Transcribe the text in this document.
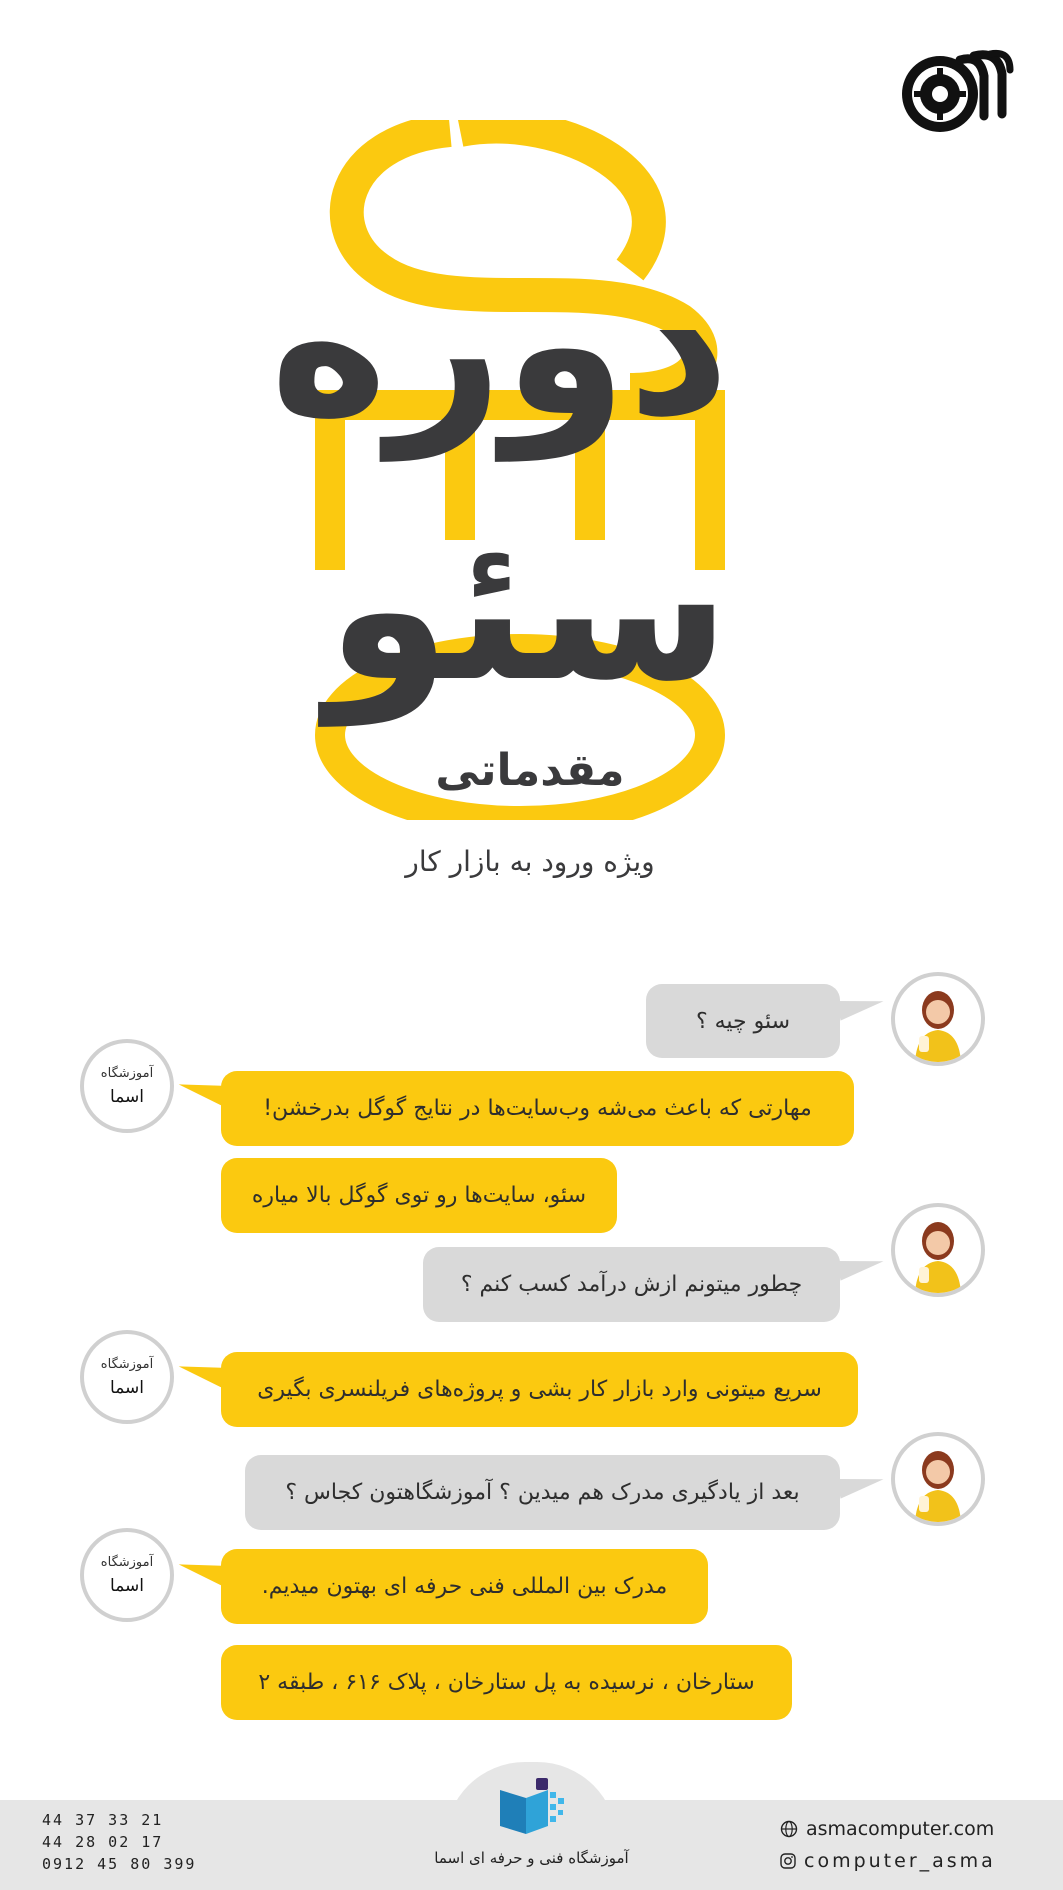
دوره
سئو
مقدماتی
ویژه ورود به بازار کار
سئو چیه ؟
آموزشگاه
اسما	مهارتی که باعث می‌شه وب‌سایت‌ها در نتایج گوگل بدرخشن!
سئو، سایت‌ها رو توی گوگل بالا میاره
چطور میتونم ازش درآمد کسب کنم ؟
آموزشگاه
اسما	سریع میتونی وارد بازار کار بشی و پروژه‌های فریلنسری بگیری
بعد از یادگیری مدرک هم میدین ؟ آموزشگاهتون کجاس ؟
آموزشگاه
اسما	مدرک بین المللی فنی حرفه ای بهتون میدیم.
ستارخان ، نرسیده به پل ستارخان ، پلاک ۶۱۶ ، طبقه ۲
44 37 33 21
44 28 02 17
0912 45 80 399	آموزشگاه فنی و حرفه ای اسما
asmacomputer.com
computer_asma
